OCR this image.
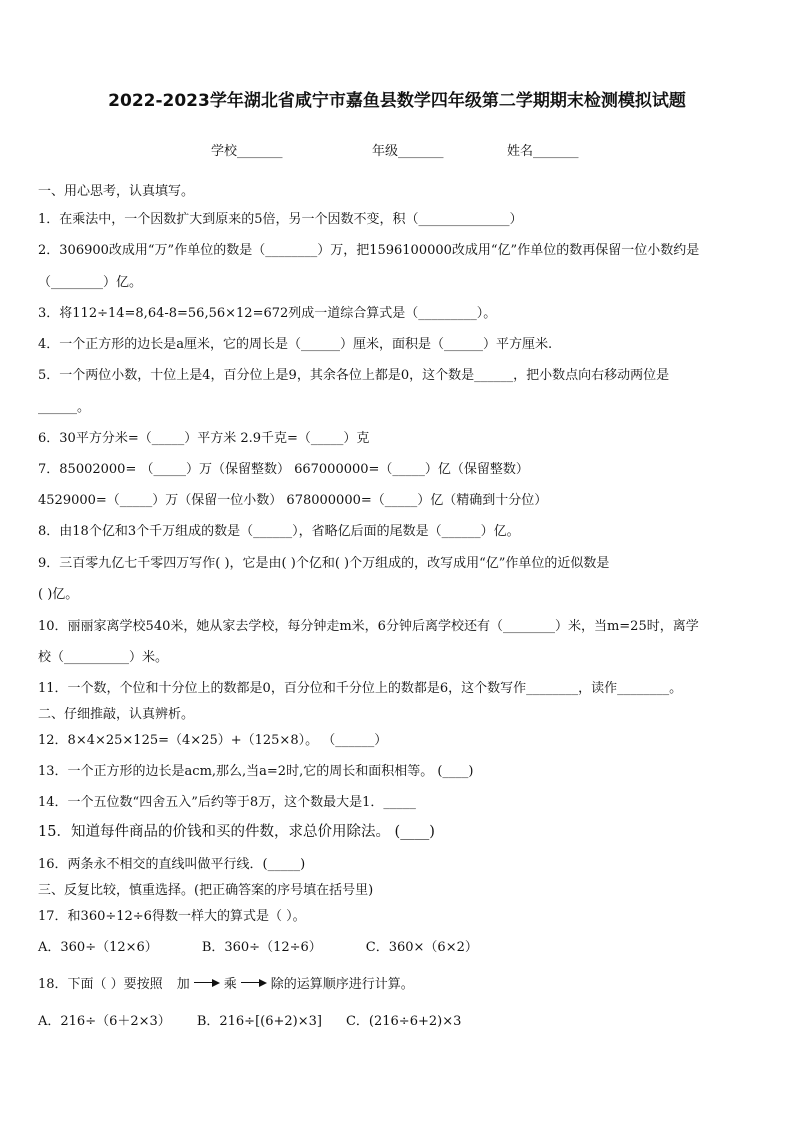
2022-2023学年湖北省咸宁市嘉鱼县数学四年级第二学期期末检测模拟试题
学校_______	年级_______	姓名_______
一、用心思考，认真填写。
1．在乘法中，一个因数扩大到原来的5倍，另一个因数不变，积（______________）
2．306900改成用“万”作单位的数是（________）万，把1596100000改成用“亿”作单位的数再保留一位小数约是
（________）亿。
3．将112÷14=8,64-8=56,56×12=672列成一道综合算式是（_________）。
4．一个正方形的边长是a厘米，它的周长是（______）厘米，面积是（______）平方厘米.
5．一个两位小数，十位上是4，百分位上是9，其余各位上都是0，这个数是______，把小数点向右移动两位是
______。
6．30平方分米=（_____）平方米 2.9千克=（_____）克
7．85002000= （_____）万（保留整数） 667000000=（_____）亿（保留整数）
4529000=（_____）万（保留一位小数） 678000000=（_____）亿（精确到十分位）
8．由18个亿和3个千万组成的数是（______），省略亿后面的尾数是（______）亿。
9．三百零九亿七千零四万写作( )，它是由( )个亿和( )个万组成的，改写成用“亿”作单位的近似数是
( )亿。
10．丽丽家离学校540米，她从家去学校，每分钟走m米，6分钟后离学校还有（________）米，当m=25时，离学
校（__________）米。
11．一个数，个位和十分位上的数都是0，百分位和千分位上的数都是6，这个数写作________，读作________。
二、仔细推敲，认真辨析。
12．8×4×25×125=（4×25）+（125×8）。 （______）
13．一个正方形的边长是acm,那么,当a=2时,它的周长和面积相等。 (____)
14．一个五位数“四舍五入”后约等于8万，这个数最大是1．_____
15．知道每件商品的价钱和买的件数，求总价用除法。 (____)
16．两条永不相交的直线叫做平行线．(_____)
三、反复比较，慎重选择。(把正确答案的序号填在括号里)
17．和360÷12÷6得数一样大的算式是（ ）。
A．360÷（12×6）	B．360÷（12÷6）	C．360×（6×2）
18．下面（ ）要按照 加	乘	除的运算顺序进行计算。
A．216÷（6＋2×3） B．216÷[(6+2)×3] C．(216÷6+2)×3
